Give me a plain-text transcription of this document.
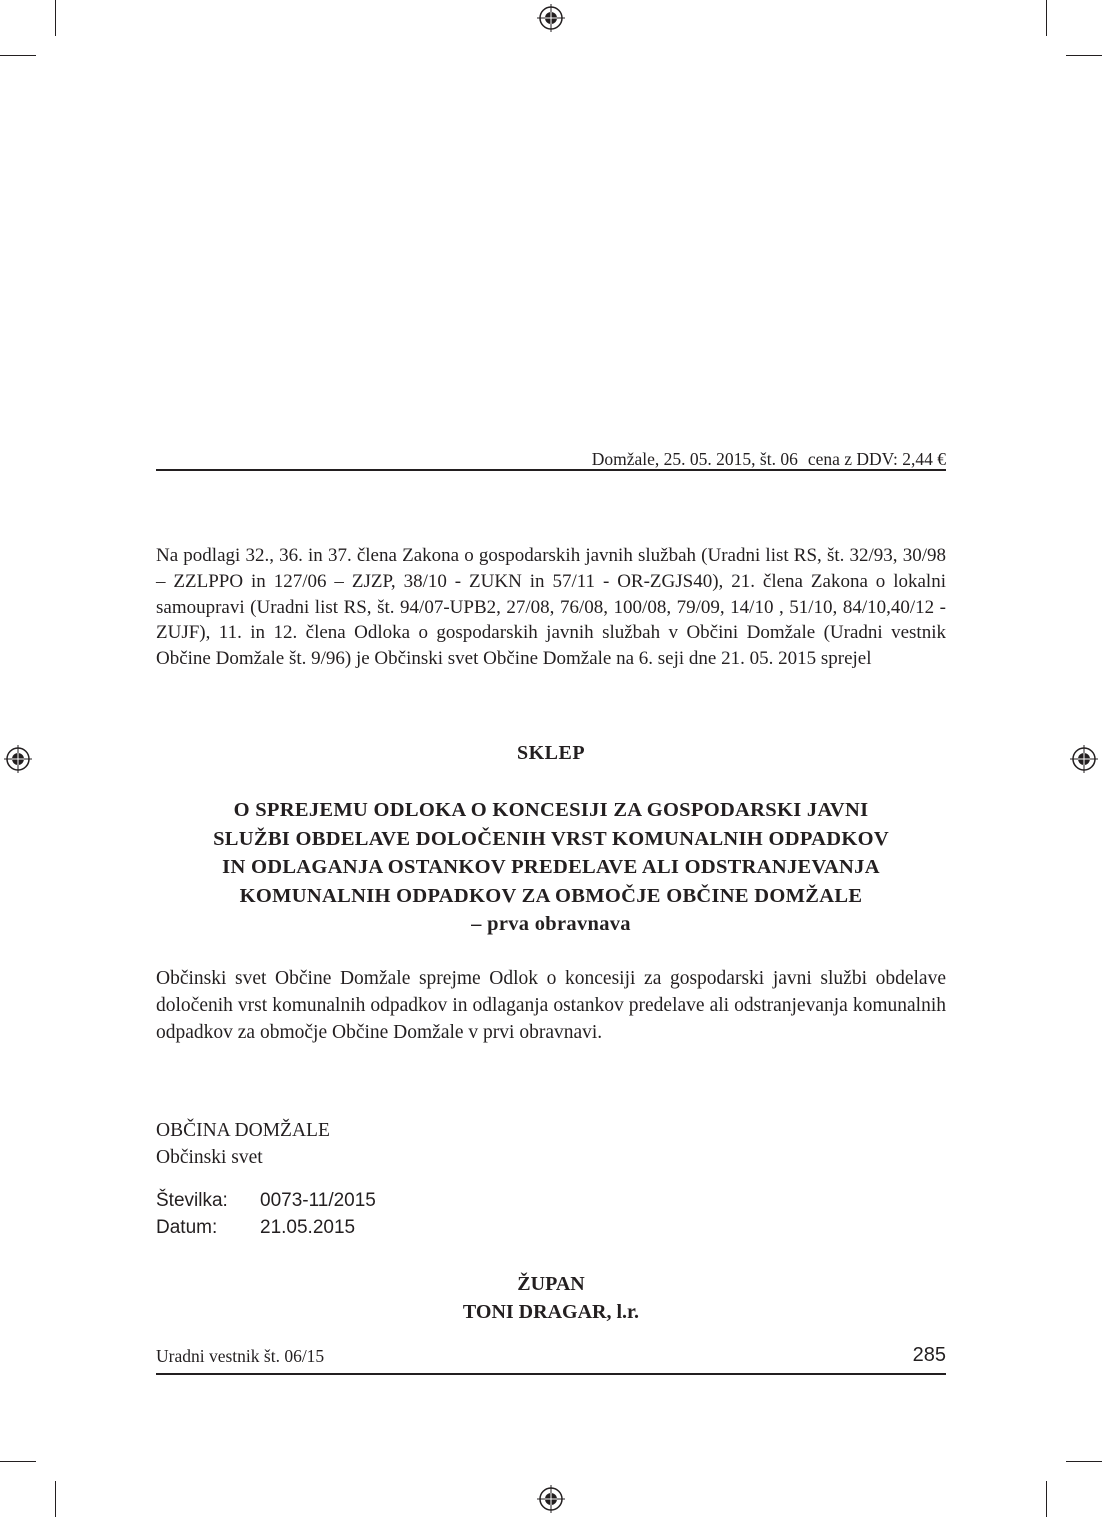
Domžale, 25. 05. 2015, št. 06 cena z DDV: 2,44 €
Na podlagi 32., 36. in 37. člena Zakona o gospodarskih javnih službah (Uradni list RS, št. 32/93, 30/98 – ZZLPPO in 127/06 – ZJZP, 38/10 - ZUKN in 57/11 - OR-ZGJS40), 21. člena Zakona o lokalni samoupravi (Uradni list RS, št. 94/07-UPB2, 27/08, 76/08, 100/08, 79/09, 14/10 , 51/10, 84/10,40/12 - ZUJF), 11. in 12. člena Odloka o gospodarskih javnih službah v Občini Domžale (Uradni vestnik Občine Domžale št. 9/96) je Občinski svet Občine Domžale na 6. seji dne 21. 05. 2015 sprejel
SKLEP
O SPREJEMU ODLOKA O KONCESIJI ZA GOSPODARSKI JAVNI
SLUŽBI OBDELAVE DOLOČENIH VRST KOMUNALNIH ODPADKOV
IN ODLAGANJA OSTANKOV PREDELAVE ALI ODSTRANJEVANJA
KOMUNALNIH ODPADKOV ZA OBMOČJE OBČINE DOMŽALE
– prva obravnava
Občinski svet Občine Domžale sprejme Odlok o koncesiji za gospodarski javni službi obdelave določenih vrst komunalnih odpadkov in odlaganja ostankov predelave ali odstranjevanja komunalnih odpadkov za območje Občine Domžale v prvi obravnavi.
OBČINA DOMŽALE
Občinski svet
Številka: 0073-11/2015
Datum: 21.05.2015
ŽUPAN
TONI DRAGAR, l.r.
Uradni vestnik št. 06/15	285
